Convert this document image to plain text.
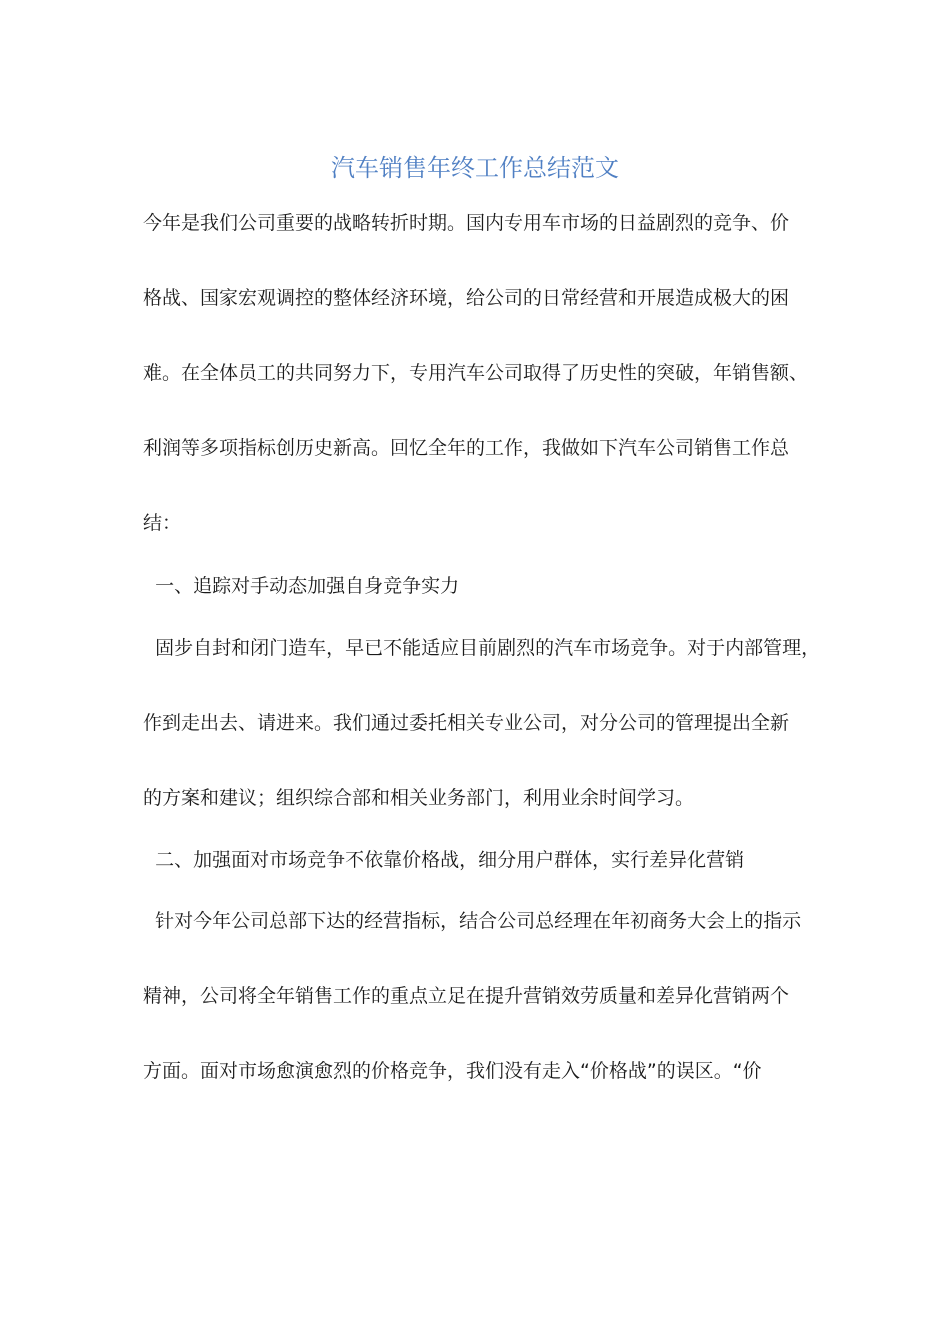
汽车销售年终工作总结范文
今年是我们公司重要的战略转折时期。国内专用车市场的日益剧烈的竞争、价
格战、国家宏观调控的整体经济环境，给公司的日常经营和开展造成极大的困
难。在全体员工的共同努力下，专用汽车公司取得了历史性的突破，年销售额、
利润等多项指标创历史新高。回忆全年的工作，我做如下汽车公司销售工作总
结：
一、追踪对手动态加强自身竞争实力
固步自封和闭门造车，早已不能适应目前剧烈的汽车市场竞争。对于内部管理，
作到走出去、请进来。我们通过委托相关专业公司，对分公司的管理提出全新
的方案和建议；组织综合部和相关业务部门，利用业余时间学习。
二、加强面对市场竞争不依靠价格战，细分用户群体，实行差异化营销
针对今年公司总部下达的经营指标，结合公司总经理在年初商务大会上的指示
精神，公司将全年销售工作的重点立足在提升营销效劳质量和差异化营销两个
方面。面对市场愈演愈烈的价格竞争，我们没有走入“价格战”的误区。“价
